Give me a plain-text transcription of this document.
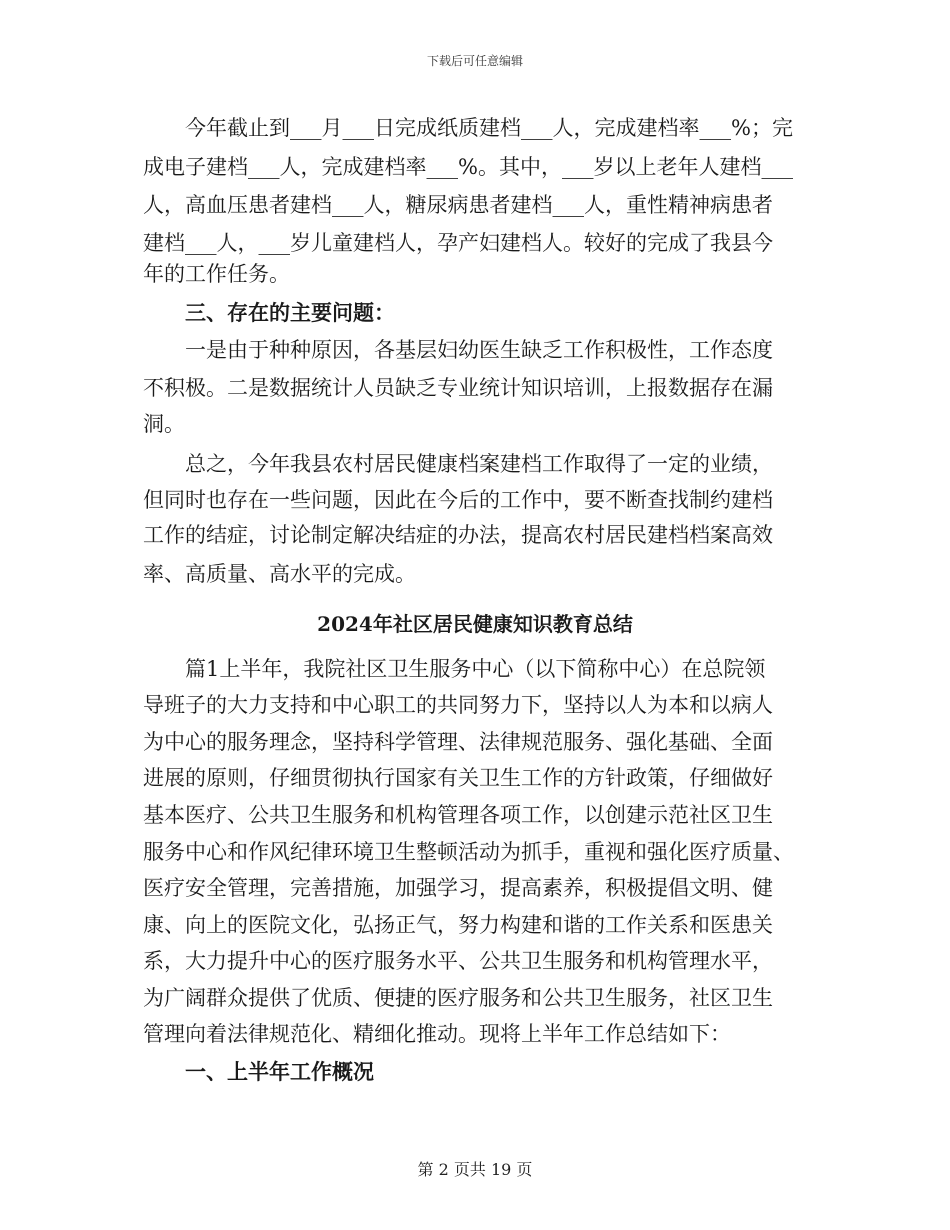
下载后可任意编辑
　　今年截止到___月___日完成纸质建档___人，完成建档率___%；完
成电子建档___人，完成建档率___%。其中，___岁以上老年人建档___
人，高血压患者建档___人，糖尿病患者建档___人，重性精神病患者
建档___人，___岁儿童建档人，孕产妇建档人。较好的完成了我县今
年的工作任务。
　　三、存在的主要问题：
　　一是由于种种原因，各基层妇幼医生缺乏工作积极性，工作态度
不积极。二是数据统计人员缺乏专业统计知识培训，上报数据存在漏
洞。
　　总之，今年我县农村居民健康档案建档工作取得了一定的业绩，
但同时也存在一些问题，因此在今后的工作中，要不断查找制约建档
工作的结症，讨论制定解决结症的办法，提高农村居民建档档案高效
率、高质量、高水平的完成。
2024年社区居民健康知识教育总结
　　篇1上半年，我院社区卫生服务中心（以下简称中心）在总院领
导班子的大力支持和中心职工的共同努力下，坚持以人为本和以病人
为中心的服务理念，坚持科学管理、法律规范服务、强化基础、全面
进展的原则，仔细贯彻执行国家有关卫生工作的方针政策，仔细做好
基本医疗、公共卫生服务和机构管理各项工作，以创建示范社区卫生
服务中心和作风纪律环境卫生整顿活动为抓手，重视和强化医疗质量、
医疗安全管理，完善措施，加强学习，提高素养，积极提倡文明、健
康、向上的医院文化，弘扬正气，努力构建和谐的工作关系和医患关
系，大力提升中心的医疗服务水平、公共卫生服务和机构管理水平，
为广阔群众提供了优质、便捷的医疗服务和公共卫生服务，社区卫生
管理向着法律规范化、精细化推动。现将上半年工作总结如下：
　　一、上半年工作概况
第 2 页共 19 页
